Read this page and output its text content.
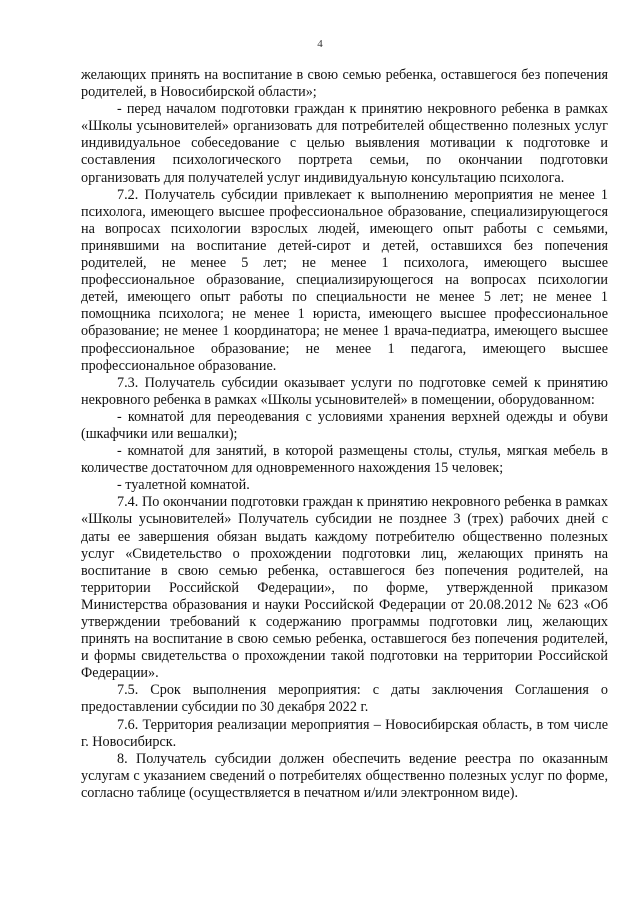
4

желающих принять на воспитание в свою семью ребенка, оставшегося без попечения родителей, в Новосибирской области»;

- перед началом подготовки граждан к принятию некровного ребенка в рамках «Школы усыновителей» организовать для потребителей общественно полезных услуг индивидуальное собеседование с целью выявления мотивации к подготовке и составления психологического портрета семьи, по окончании подготовки организовать для получателей услуг индивидуальную консультацию психолога.

7.2. Получатель субсидии привлекает к выполнению мероприятия не менее 1 психолога, имеющего высшее профессиональное образование, специализирующегося на вопросах психологии взрослых людей, имеющего опыт работы с семьями, принявшими на воспитание детей-сирот и детей, оставшихся без попечения родителей, не менее 5 лет; не менее 1 психолога, имеющего высшее профессиональное образование, специализирующегося на вопросах психологии детей, имеющего опыт работы по специальности не менее 5 лет; не менее 1 помощника психолога; не менее 1 юриста, имеющего высшее профессиональное образование; не менее 1 координатора; не менее 1 врача-педиатра, имеющего высшее профессиональное образование; не менее 1 педагога, имеющего высшее профессиональное образование.

7.3. Получатель субсидии оказывает услуги по подготовке семей к принятию некровного ребенка в рамках «Школы усыновителей» в помещении, оборудованном:

- комнатой для переодевания с условиями хранения верхней одежды и обуви (шкафчики или вешалки);

- комнатой для занятий, в которой размещены столы, стулья, мягкая мебель в количестве достаточном для одновременного нахождения 15 человек;

- туалетной комнатой.

7.4. По окончании подготовки граждан к принятию некровного ребенка в рамках «Школы усыновителей» Получатель субсидии не позднее 3 (трех) рабочих дней с даты ее завершения обязан выдать каждому потребителю общественно полезных услуг «Свидетельство о прохождении подготовки лиц, желающих принять на воспитание в свою семью ребенка, оставшегося без попечения родителей, на территории Российской Федерации», по форме, утвержденной приказом Министерства образования и науки Российской Федерации от 20.08.2012 № 623 «Об утверждении требований к содержанию программы подготовки лиц, желающих принять на воспитание в свою семью ребенка, оставшегося без попечения родителей, и формы свидетельства о прохождении такой подготовки на территории Российской Федерации».

7.5. Срок выполнения мероприятия: с даты заключения Соглашения о предоставлении субсидии по 30 декабря 2022 г.

7.6. Территория реализации мероприятия – Новосибирская область, в том числе г. Новосибирск.

8. Получатель субсидии должен обеспечить ведение реестра по оказанным услугам с указанием сведений о потребителях общественно полезных услуг по форме, согласно таблице (осуществляется в печатном и/или электронном виде).
